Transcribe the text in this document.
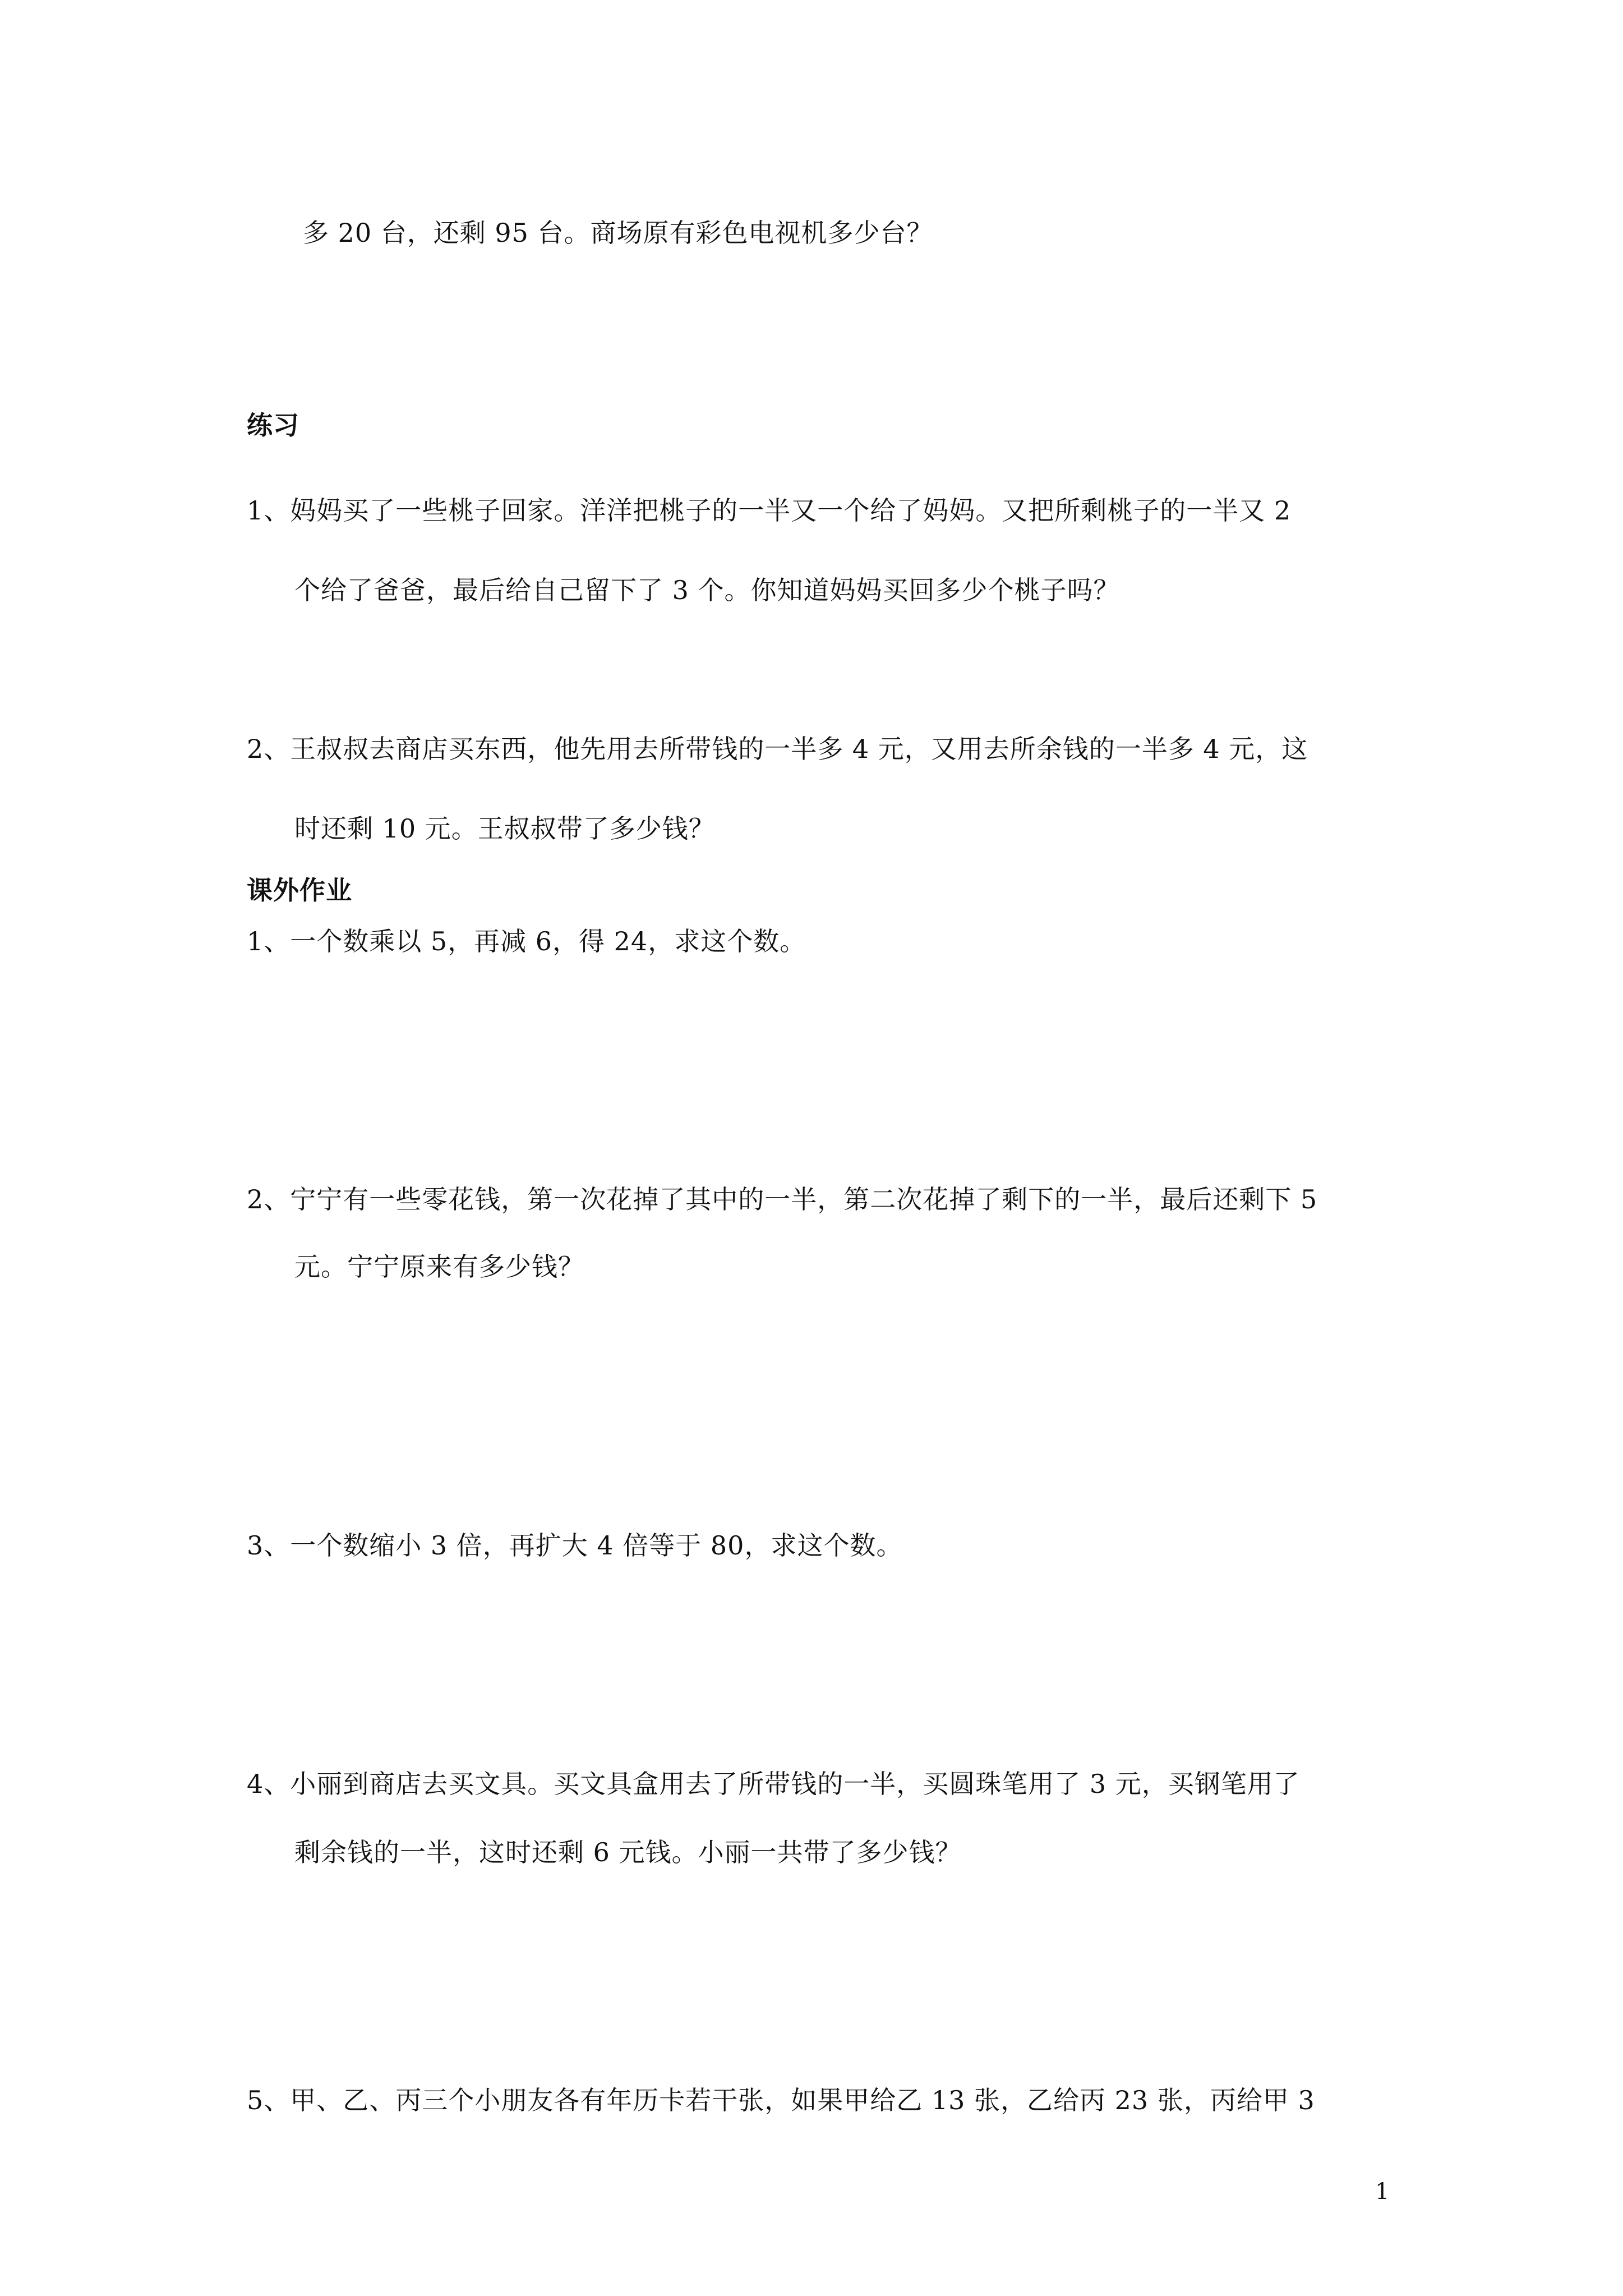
多 20 台，还剩 95 台。商场原有彩色电视机多少台？
练习
1、妈妈买了一些桃子回家。洋洋把桃子的一半又一个给了妈妈。又把所剩桃子的一半又 2
个给了爸爸，最后给自己留下了 3 个。你知道妈妈买回多少个桃子吗？
2、王叔叔去商店买东西，他先用去所带钱的一半多 4 元，又用去所余钱的一半多 4 元，这
时还剩 10 元。王叔叔带了多少钱？
课外作业
1、一个数乘以 5，再减 6，得 24，求这个数。
2、宁宁有一些零花钱，第一次花掉了其中的一半，第二次花掉了剩下的一半，最后还剩下 5
元。宁宁原来有多少钱？
3、一个数缩小 3 倍，再扩大 4 倍等于 80，求这个数。
4、小丽到商店去买文具。买文具盒用去了所带钱的一半，买圆珠笔用了 3 元，买钢笔用了
剩余钱的一半，这时还剩 6 元钱。小丽一共带了多少钱？
5、甲、乙、丙三个小朋友各有年历卡若干张，如果甲给乙 13 张，乙给丙 23 张，丙给甲 3
1
